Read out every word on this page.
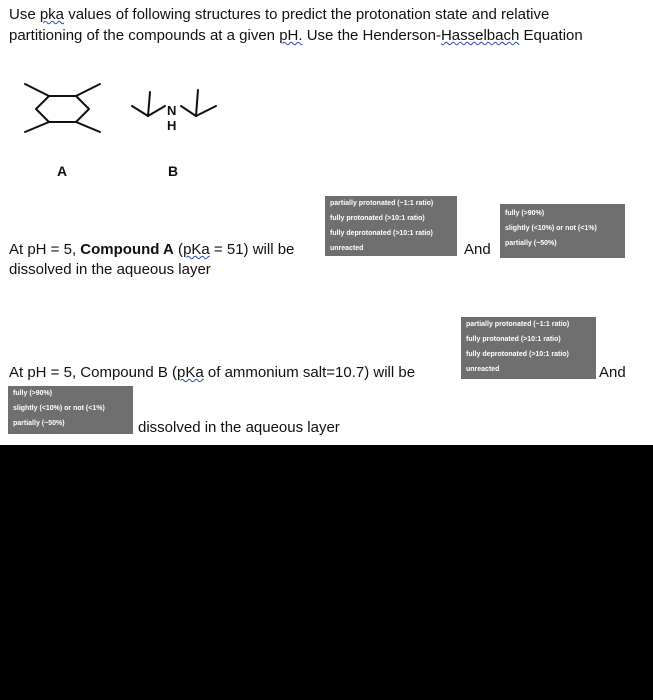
Use pka values of following structures to predict the protonation state and relative
partitioning of the compounds at a given pH. Use the Henderson-Hasselbach Equation
N
H
A	B
At pH = 5, Compound A (pKa = 51) will be
partially protonated (~1:1 ratio)
fully protonated (>10:1 ratio)
fully deprotonated (>10:1 ratio)
unreacted	And
fully (>90%)
slightly (<10%) or not (<1%)
partially (~50%)
dissolved in the aqueous layer
partially protonated (~1:1 ratio)
fully protonated (>10:1 ratio)
fully deprotonated (>10:1 ratio)
unreacted
At pH = 5, Compound B (pKa of ammonium salt=10.7) will be	And
fully (>90%)
slightly (<10%) or not (<1%)
partially (~50%)	dissolved in the aqueous layer
